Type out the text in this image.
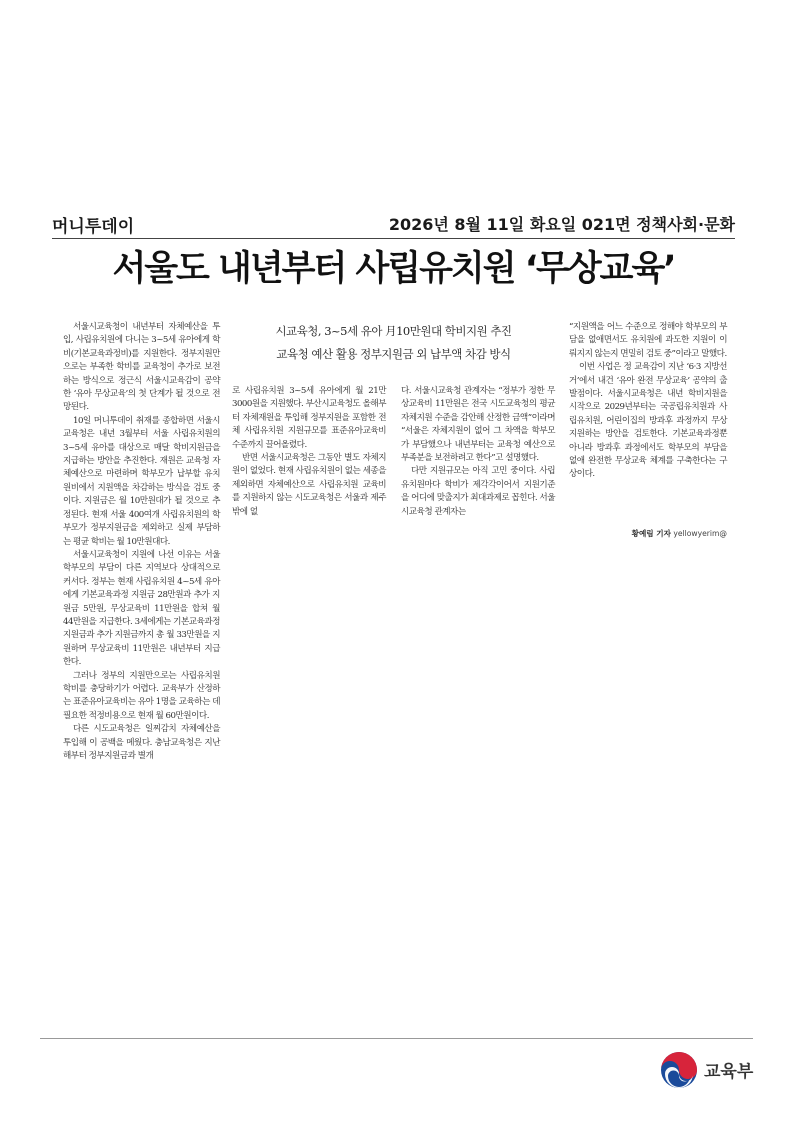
머니투데이	2026년 8월 11일 화요일 021면 정책사회·문화
서울도 내년부터 사립유치원 ‘무상교육’
시교육청, 3~5세 유아 月10만원대 학비지원 추진
교육청 예산 활용 정부지원금 외 납부액 차감 방식

서울시교육청이 내년부터 자체예산을 투입, 사립유치원에 다니는 3~5세 유아에게 학비(기본교육과정비)를 지원한다. 정부지원만으로는 부족한 학비를 교육청이 추가로 보전하는 방식으로 정근식 서울시교육감이 공약한 ‘유아 무상교육’의 첫 단계가 될 것으로 전망된다.

10일 머니투데이 취재를 종합하면 서울시교육청은 내년 3월부터 서울 사립유치원의 3~5세 유아를 대상으로 매달 학비지원금을 지급하는 방안을 추진한다. 재원은 교육청 자체예산으로 마련하며 학부모가 납부할 유치원비에서 지원액을 차감하는 방식을 검토 중이다. 지원금은 월 10만원대가 될 것으로 추정된다. 현재 서울 400여개 사립유치원의 학부모가 정부지원금을 제외하고 실제 부담하는 평균 학비는 월 10만원대다.

서울시교육청이 지원에 나선 이유는 서울 학부모의 부담이 다른 지역보다 상대적으로 커서다. 정부는 현재 사립유치원 4~5세 유아에게 기본교육과정 지원금 28만원과 추가 지원금 5만원, 무상교육비 11만원을 합쳐 월 44만원을 지급한다. 3세에게는 기본교육과정 지원금과 추가 지원금까지 총 월 33만원을 지원하며 무상교육비 11만원은 내년부터 지급한다.

그러나 정부의 지원만으로는 사립유치원 학비를 충당하기가 어렵다. 교육부가 산정하는 표준유아교육비는 유아 1명을 교육하는 데 필요한 적정비용으로 현재 월 60만원이다.

다른 시도교육청은 일찌감치 자체예산을 투입해 이 공백을 메웠다. 충남교육청은 지난해부터 정부지원금과 별개

로 사립유치원 3~5세 유아에게 월 21만3000원을 지원했다. 부산시교육청도 올해부터 자체재원을 투입해 정부지원을 포함한 전체 사립유치원 지원규모를 표준유아교육비 수준까지 끌어올렸다.

반면 서울시교육청은 그동안 별도 자체지원이 없었다. 현재 사립유치원이 없는 세종을 제외하면 자체예산으로 사립유치원 교육비를 지원하지 않는 시도교육청은 서울과 제주밖에 없

다. 서울시교육청 관계자는 “정부가 정한 무상교육비 11만원은 전국 시도교육청의 평균 자체지원 수준을 감안해 산정한 금액”이라며 “서울은 자체지원이 없어 그 차액을 학부모가 부담했으나 내년부터는 교육청 예산으로 부족분을 보전하려고 한다”고 설명했다.

다만 지원규모는 아직 고민 중이다. 사립유치원마다 학비가 제각각이어서 지원기준을 어디에 맞출지가 최대과제로 꼽힌다. 서울시교육청 관계자는

“지원액을 어느 수준으로 정해야 학부모의 부담을 없애면서도 유치원에 과도한 지원이 이뤄지지 않는지 면밀히 검토 중”이라고 말했다.

이번 사업은 정 교육감이 지난 ‘6·3 지방선거’에서 내건 ‘유아 완전 무상교육’ 공약의 출발점이다. 서울시교육청은 내년 학비지원을 시작으로 2029년부터는 국공립유치원과 사립유치원, 어린이집의 방과후 과정까지 무상지원하는 방안을 검토한다. 기본교육과정뿐 아니라 방과후 과정에서도 학부모의 부담을 없애 완전한 무상교육 체계를 구축한다는 구상이다.

황예림 기자 yellowyerim@
교육부
